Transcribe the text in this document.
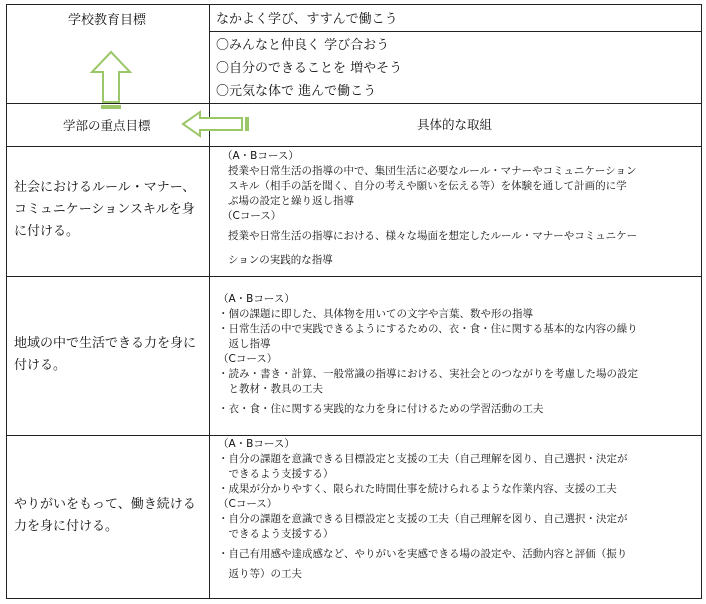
学校教育目標	なかよく学び、すすんで働こう
〇みんなと仲良く 学び合おう
〇自分のできることを 増やそう
〇元気な体で 進んで働こう
学部の重点目標	具体的な取組
社会におけるルール・マナー、
コミュニケーションスキルを身
に付ける。
（A・Bコース）
授業や日常生活の指導の中で、集団生活に必要なルール・マナーやコミュニケーション
スキル（相手の話を聞く、自分の考えや願いを伝える等）を体験を通して計画的に学
ぶ場の設定と繰り返し指導
（Cコース）
授業や日常生活の指導における、様々な場面を想定したルール・マナーやコミュニケー
ションの実践的な指導
地域の中で生活できる力を身に
付ける。
（A・Bコース）
・個の課題に即した、具体物を用いての文字や言葉、数や形の指導
・日常生活の中で実践できるようにするための、衣・食・住に関する基本的な内容の繰り
　返し指導
（Cコース）
・読み・書き・計算、一般常識の指導における、実社会とのつながりを考慮した場の設定
　と教材・教具の工夫
・衣・食・住に関する実践的な力を身に付けるための学習活動の工夫
やりがいをもって、働き続ける
力を身に付ける。
（A・Bコース）
・自分の課題を意識できる目標設定と支援の工夫（自己理解を図り、自己選択・決定が
　できるよう支援する）
・成果が分かりやすく、限られた時間仕事を続けられるような作業内容、支援の工夫
（Cコース）
・自分の課題を意識できる目標設定と支援の工夫（自己理解を図り、自己選択・決定が
　できるよう支援する）
・自己有用感や達成感など、やりがいを実感できる場の設定や、活動内容と評価（振り
　返り等）の工夫
